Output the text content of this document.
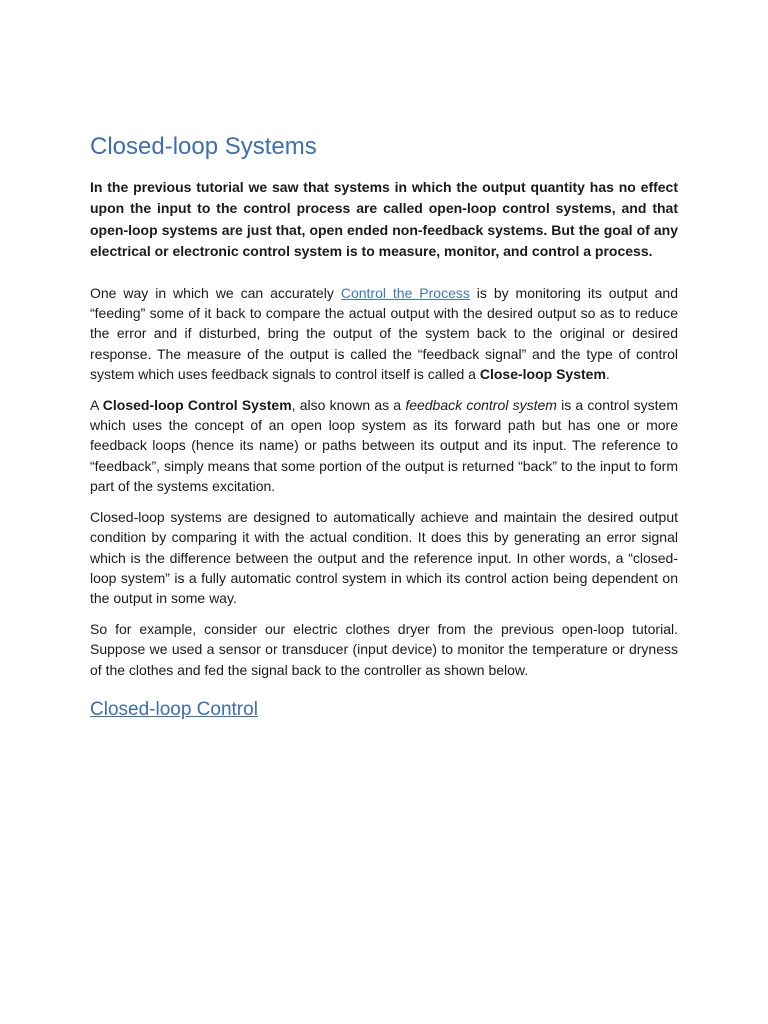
Closed-loop Systems

In the previous tutorial we saw that systems in which the output quantity has no effect upon the input to the control process are called open-loop control systems, and that open-loop systems are just that, open ended non-feedback systems. But the goal of any electrical or electronic control system is to measure, monitor, and control a process.

One way in which we can accurately Control the Process is by monitoring its output and “feeding” some of it back to compare the actual output with the desired output so as to reduce the error and if disturbed, bring the output of the system back to the original or desired response. The measure of the output is called the “feedback signal” and the type of control system which uses feedback signals to control itself is called a Close-loop System.

A Closed-loop Control System, also known as a feedback control system is a control system which uses the concept of an open loop system as its forward path but has one or more feedback loops (hence its name) or paths between its output and its input. The reference to “feedback”, simply means that some portion of the output is returned “back” to the input to form part of the systems excitation.

Closed-loop systems are designed to automatically achieve and maintain the desired output condition by comparing it with the actual condition. It does this by generating an error signal which is the difference between the output and the reference input. In other words, a “closed-loop system” is a fully automatic control system in which its control action being dependent on the output in some way.

So for example, consider our electric clothes dryer from the previous open-loop tutorial. Suppose we used a sensor or transducer (input device) to monitor the temperature or dryness of the clothes and fed the signal back to the controller as shown below.

Closed-loop Control
